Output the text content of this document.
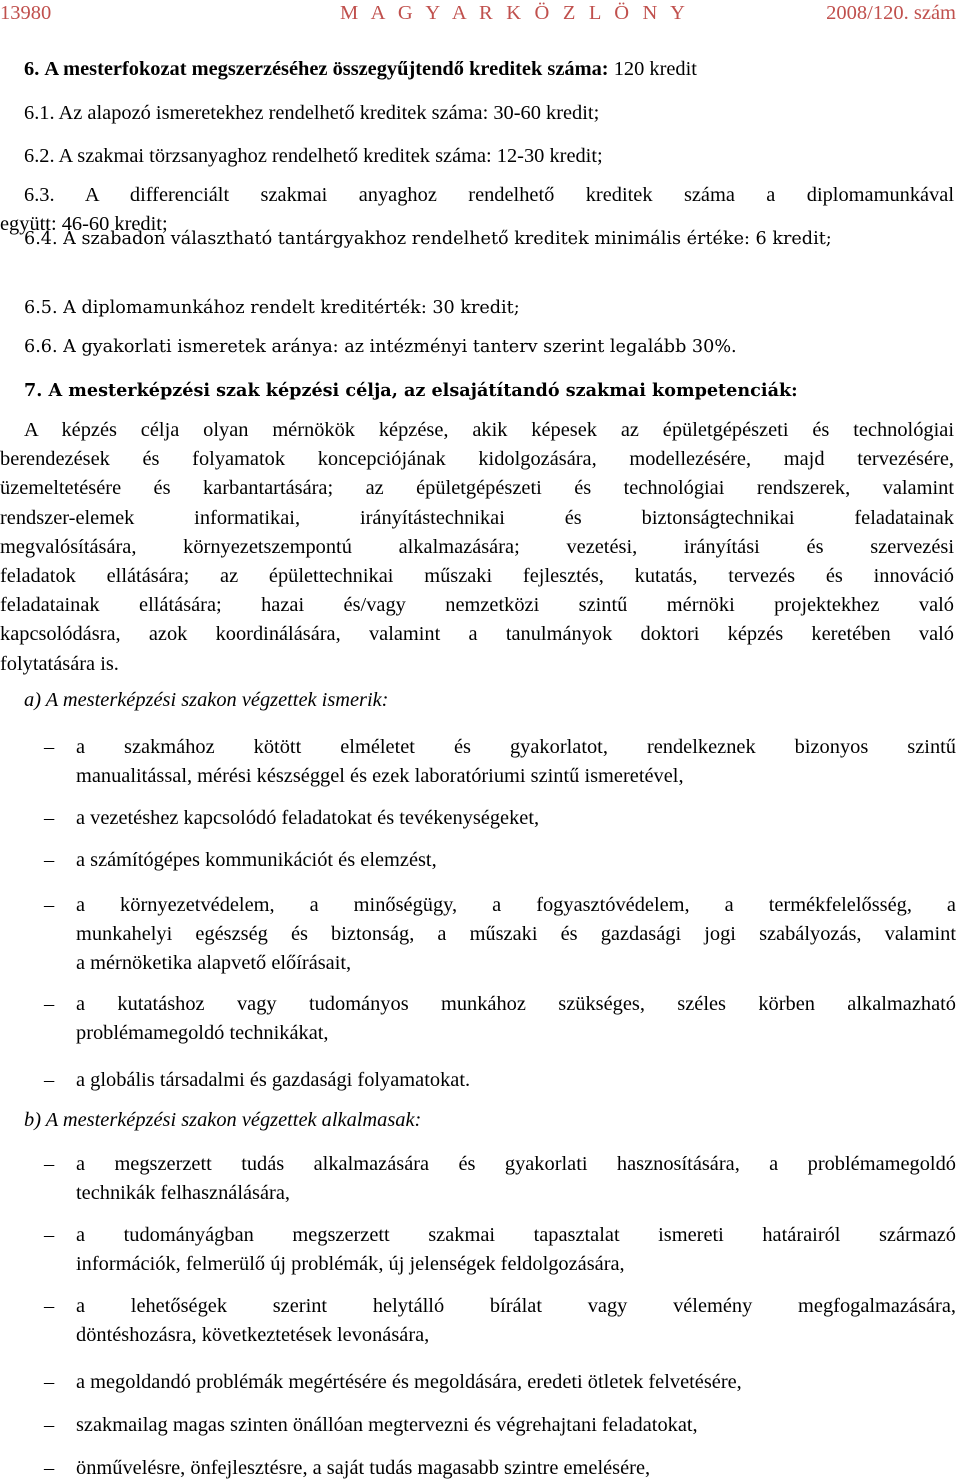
13980	M A G Y A R K Ö Z L Ö N Y	2008/120. szám
6. A mesterfokozat megszerzéséhez összegyűjtendő kreditek száma: 120 kredit
6.1. Az alapozó ismeretekhez rendelhető kreditek száma: 30-60 kredit;
6.2. A szakmai törzsanyaghoz rendelhető kreditek száma: 12-30 kredit;
6.3. A differenciált szakmai anyaghoz rendelhető kreditek száma a diplomamunkával
együtt: 46-60 kredit;
6.4. A szabadon választható tantárgyakhoz rendelhető kreditek minimális értéke: 6 kredit;
6.5. A diplomamunkához rendelt kreditérték: 30 kredit;
6.6. A gyakorlati ismeretek aránya: az intézményi tanterv szerint legalább 30%.
7. A mesterképzési szak képzési célja, az elsajátítandó szakmai kompetenciák:
A képzés célja olyan mérnökök képzése, akik képesek az épületgépészeti és technológiai
berendezések és folyamatok koncepciójának kidolgozására, modellezésére, majd tervezésére,
üzemeltetésére és karbantartására; az épületgépészeti és technológiai rendszerek, valamint
rendszer-elemek informatikai, irányítástechnikai és biztonságtechnikai feladatainak
megvalósítására, környezetszempontú alkalmazására; vezetési, irányítási és szervezési
feladatok ellátására; az épülettechnikai műszaki fejlesztés, kutatás, tervezés és innováció
feladatainak ellátására; hazai és/vagy nemzetközi szintű mérnöki projektekhez való
kapcsolódásra, azok koordinálására, valamint a tanulmányok doktori képzés keretében való
folytatására is.
a) A mesterképzési szakon végzettek ismerik:
– a szakmához kötött elméletet és gyakorlatot, rendelkeznek bizonyos szintű
manualitással, mérési készséggel és ezek laboratóriumi szintű ismeretével,
– a vezetéshez kapcsolódó feladatokat és tevékenységeket,
– a számítógépes kommunikációt és elemzést,
– a környezetvédelem, a minőségügy, a fogyasztóvédelem, a termékfelelősség, a
munkahelyi egészség és biztonság, a műszaki és gazdasági jogi szabályozás, valamint
a mérnöketika alapvető előírásait,
– a kutatáshoz vagy tudományos munkához szükséges, széles körben alkalmazható
problémamegoldó technikákat,
– a globális társadalmi és gazdasági folyamatokat.
b) A mesterképzési szakon végzettek alkalmasak:
– a megszerzett tudás alkalmazására és gyakorlati hasznosítására, a problémamegoldó
technikák felhasználására,
– a tudományágban megszerzett szakmai tapasztalat ismereti határairól származó
információk, felmerülő új problémák, új jelenségek feldolgozására,
– a lehetőségek szerint helytálló bírálat vagy vélemény megfogalmazására,
döntéshozásra, következtetések levonására,
– a megoldandó problémák megértésére és megoldására, eredeti ötletek felvetésére,
– szakmailag magas szinten önállóan megtervezni és végrehajtani feladatokat,
– önművelésre, önfejlesztésre, a saját tudás magasabb szintre emelésére,
